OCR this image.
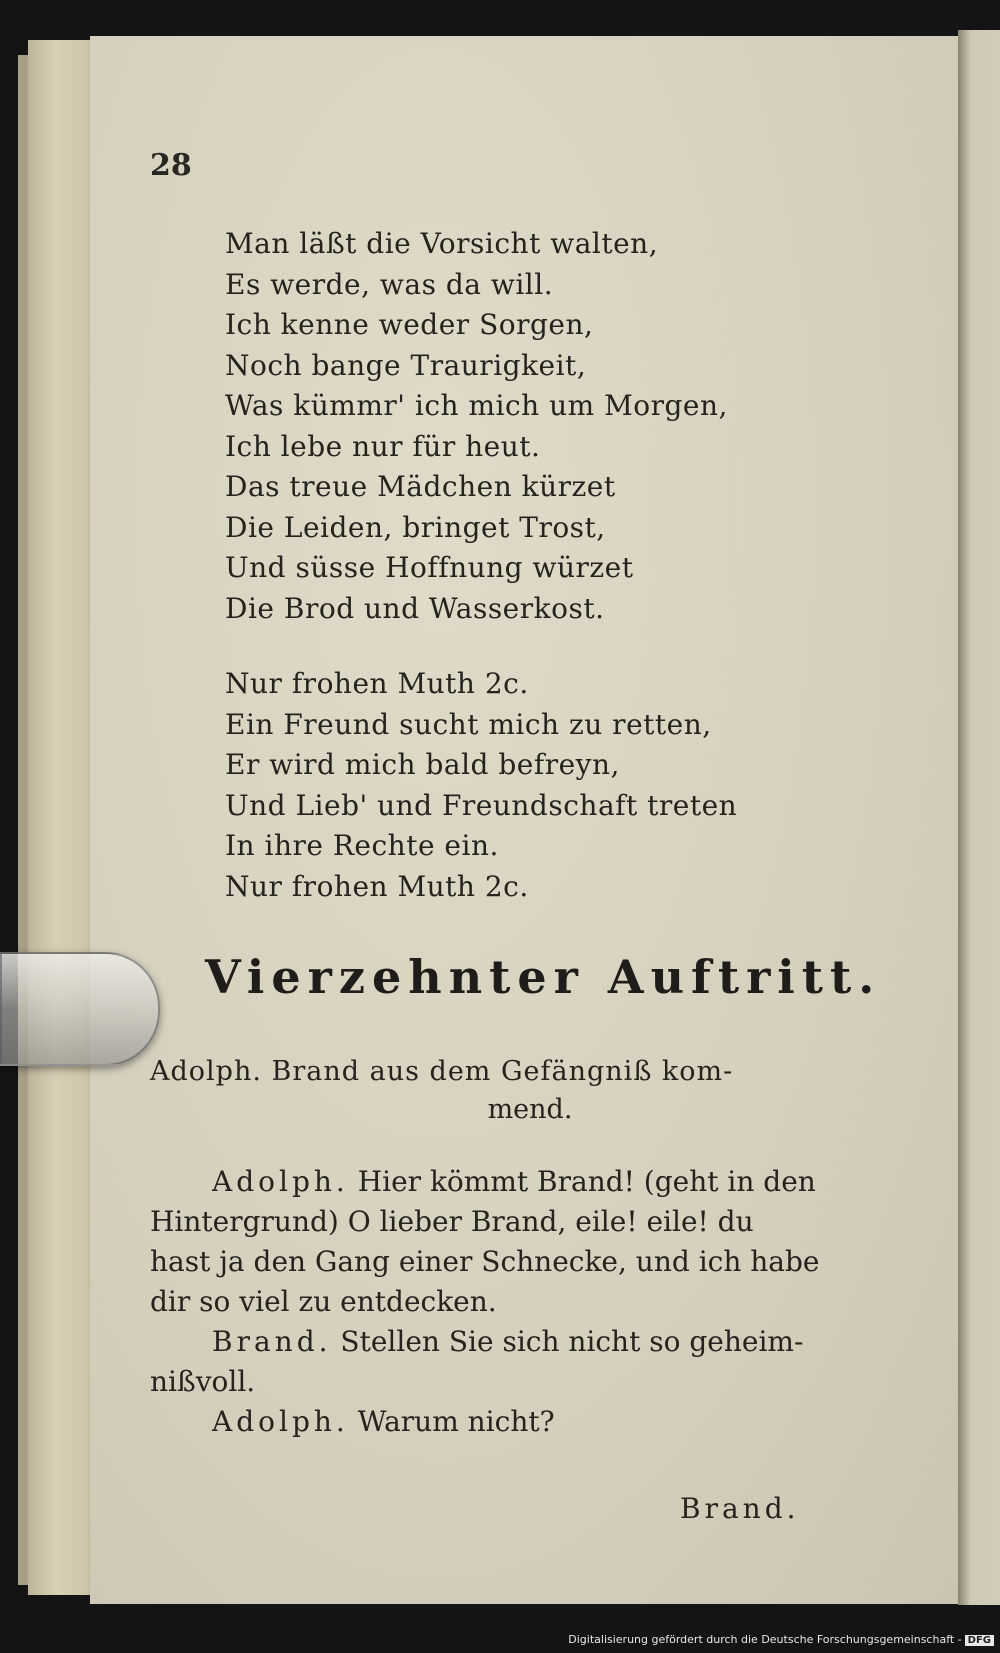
28
Man läßt die Vorsicht walten,
Es werde, was da will.
Ich kenne weder Sorgen,
Noch bange Traurigkeit,
Was kümmr' ich mich um Morgen,
Ich lebe nur für heut.
Das treue Mädchen kürzet
Die Leiden, bringet Trost,
Und süsse Hoffnung würzet
Die Brod und Wasserkost.
Nur frohen Muth 2c.
Ein Freund sucht mich zu retten,
Er wird mich bald befreyn,
Und Lieb' und Freundschaft treten
In ihre Rechte ein.
Nur frohen Muth 2c.
Vierzehnter Auftritt.
Adolph. Brand aus dem Gefängniß kom-
mend.
Adolph. Hier kömmt Brand! (geht in den
Hintergrund) O lieber Brand, eile! eile! du
hast ja den Gang einer Schnecke, und ich habe
dir so viel zu entdecken.
Brand. Stellen Sie sich nicht so geheim-
nißvoll.
Adolph. Warum nicht?
Brand.
Digitalisierung gefördert durch die Deutsche Forschungsgemeinschaft - DFG
